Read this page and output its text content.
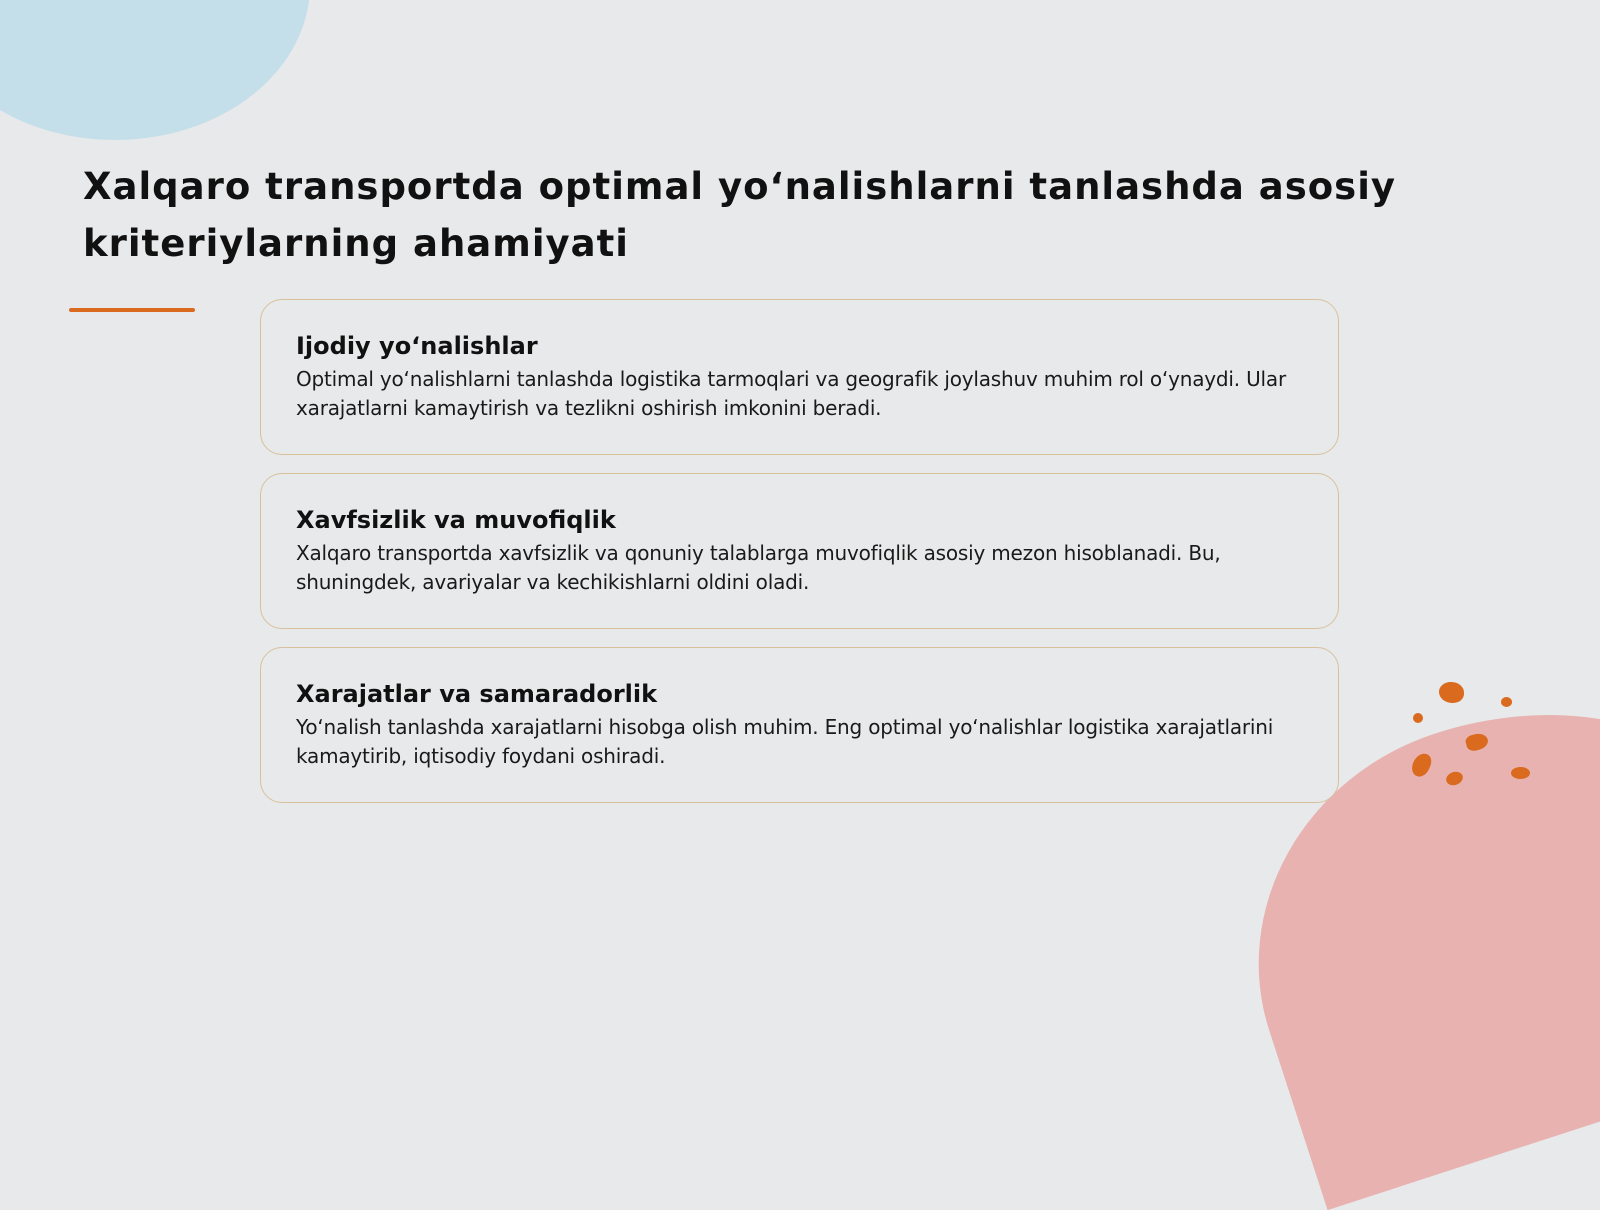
Xalqaro transportda optimal yo‘nalishlarni tanlashda asosiy kriteriylarning ahamiyati
Ijodiy yo‘nalishlar

Optimal yo‘nalishlarni tanlashda logistika tarmoqlari va geografik joylashuv muhim rol o‘ynaydi. Ular xarajatlarni kamaytirish va tezlikni oshirish imkonini beradi.

Xavfsizlik va muvofiqlik

Xalqaro transportda xavfsizlik va qonuniy talablarga muvofiqlik asosiy mezon hisoblanadi. Bu, shuningdek, avariyalar va kechikishlarni oldini oladi.

Xarajatlar va samaradorlik

Yo‘nalish tanlashda xarajatlarni hisobga olish muhim. Eng optimal yo‘nalishlar logistika xarajatlarini kamaytirib, iqtisodiy foydani oshiradi.
